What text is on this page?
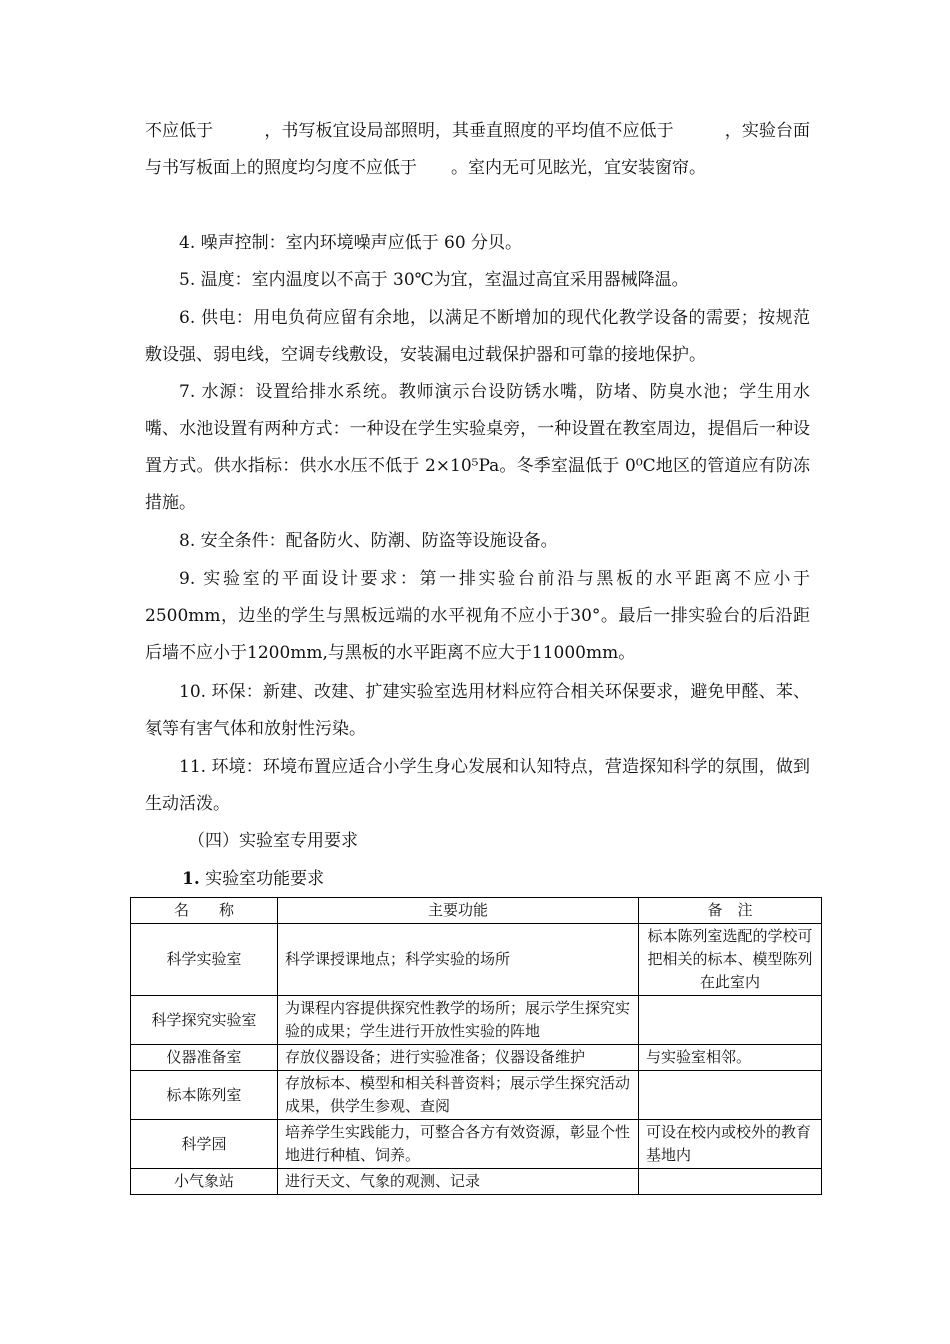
不应低于　　　，书写板宜设局部照明，其垂直照度的平均值不应低于　　　，实验台面与书写板面上的照度均匀度不应低于　　。室内无可见眩光，宜安装窗帘。

4. 噪声控制：室内环境噪声应低于 60 分贝。

5. 温度：室内温度以不高于 30℃为宜，室温过高宜采用器械降温。

6. 供电：用电负荷应留有余地，以满足不断增加的现代化教学设备的需要；按规范敷设强、弱电线，空调专线敷设，安装漏电过载保护器和可靠的接地保护。

7. 水源：设置给排水系统。教师演示台设防锈水嘴，防堵、防臭水池；学生用水嘴、水池设置有两种方式：一种设在学生实验桌旁，一种设置在教室周边，提倡后一种设置方式。供水指标：供水水压不低于 2×10⁵Pa。冬季室温低于 0⁰C地区的管道应有防冻措施。

8. 安全条件：配备防火、防潮、防盗等设施设备。

9. 实验室的平面设计要求：第一排实验台前沿与黑板的水平距离不应小于2500mm，边坐的学生与黑板远端的水平视角不应小于30°。最后一排实验台的后沿距后墙不应小于1200mm,与黑板的水平距离不应大于11000mm。

10. 环保：新建、改建、扩建实验室选用材料应符合相关环保要求，避免甲醛、苯、氡等有害气体和放射性污染。

11. 环境：环境布置应适合小学生身心发展和认知特点，营造探知科学的氛围，做到生动活泼。

（四）实验室专用要求

1. 实验室功能要求

名　　称	主要功能	备　注
科学实验室	科学课授课地点；科学实验的场所	标本陈列室选配的学校可把相关的标本、模型陈列在此室内
科学探究实验室	为课程内容提供探究性教学的场所；展示学生探究实验的成果；学生进行开放性实验的阵地	
仪器准备室	存放仪器设备；进行实验准备；仪器设备维护	与实验室相邻。
标本陈列室	存放标本、模型和相关科普资料；展示学生探究活动成果，供学生参观、查阅	
科学园	培养学生实践能力，可整合各方有效资源，彰显个性地进行种植、饲养。	可设在校内或校外的教育基地内
小气象站	进行天文、气象的观测、记录	
